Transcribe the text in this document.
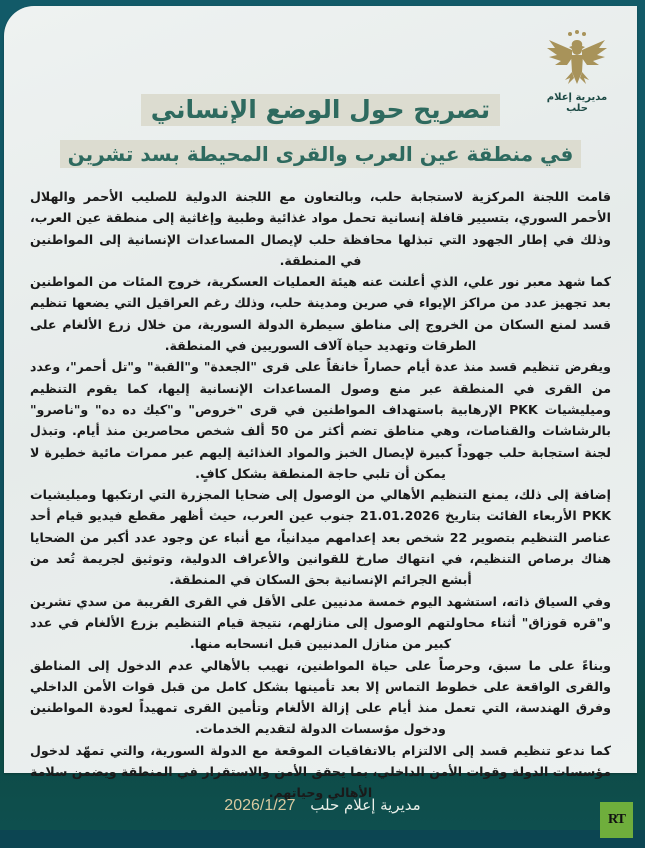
مديرية إعلام حلب
تصريح حول الوضع الإنساني
في منطقة عين العرب والقرى المحيطة بسد تشرين

قامت اللجنة المركزية لاستجابة حلب، وبالتعاون مع اللجنة الدولية للصليب الأحمر والهلال الأحمر السوري، بتسيير قافلة إنسانية تحمل مواد غذائية وطبية وإغاثية إلى منطقة عين العرب، وذلك في إطار الجهود التي تبذلها محافظة حلب لإيصال المساعدات الإنسانية إلى المواطنين في المنطقة.

كما شهد معبر نور علي، الذي أعلنت عنه هيئة العمليات العسكرية، خروج المئات من المواطنين بعد تجهيز عدد من مراكز الإيواء في صرين ومدينة حلب، وذلك رغم العراقيل التي يضعها تنظيم قسد لمنع السكان من الخروج إلى مناطق سيطرة الدولة السورية، من خلال زرع الألغام على الطرقات وتهديد حياة آلاف السوريين في المنطقة.

ويفرض تنظيم قسد منذ عدة أيام حصاراً خانقاً على قرى "الجعدة" و"القبة" و"تل أحمر"، وعدد من القرى في المنطقة عبر منع وصول المساعدات الإنسانية إليها، كما يقوم التنظيم وميليشيات PKK الإرهابية باستهداف المواطنين في قرى "خروص" و"كيك ده ده" و"ناصرو" بالرشاشات والقناصات، وهي مناطق تضم أكثر من 50 ألف شخص محاصرين منذ أيام. وتبذل لجنة استجابة حلب جهوداً كبيرة لإيصال الخبز والمواد الغذائية إليهم عبر ممرات مائية خطيرة لا يمكن أن تلبي حاجة المنطقة بشكل كافٍ.

إضافة إلى ذلك، يمنع التنظيم الأهالي من الوصول إلى ضحايا المجزرة التي ارتكبها وميليشيات PKK الأربعاء الفائت بتاريخ 21.01.2026 جنوب عين العرب، حيث أظهر مقطع فيديو قيام أحد عناصر التنظيم بتصوير 22 شخص بعد إعدامهم ميدانياً، مع أنباء عن وجود عدد أكبر من الضحايا هناك برصاص التنظيم، في انتهاك صارخ للقوانين والأعراف الدولية، وتوثيق لجريمة تُعد من أبشع الجرائم الإنسانية بحق السكان في المنطقة.

وفي السياق ذاته، استشهد اليوم خمسة مدنيين على الأقل في القرى القريبة من سدي تشرين و"قره قوزاق" أثناء محاولتهم الوصول إلى منازلهم، نتيجة قيام التنظيم بزرع الألغام في عدد كبير من منازل المدنيين قبل انسحابه منها.

وبناءً على ما سبق، وحرصاً على حياة المواطنين، نهيب بالأهالي عدم الدخول إلى المناطق والقرى الواقعة على خطوط التماس إلا بعد تأمينها بشكل كامل من قبل قوات الأمن الداخلي وفرق الهندسة، التي تعمل منذ أيام على إزالة الألغام وتأمين القرى تمهيداً لعودة المواطنين ودخول مؤسسات الدولة لتقديم الخدمات.

كما ندعو تنظيم قسد إلى الالتزام بالاتفاقيات الموقعة مع الدولة السورية، والتي تمهّد لدخول مؤسسات الدولة وقوات الأمن الداخلي، بما يحقق الأمن والاستقرار في المنطقة ويضمن سلامة الأهالي وحياتهم.

مديرية إعلام حلب 2026/1/27
RT
